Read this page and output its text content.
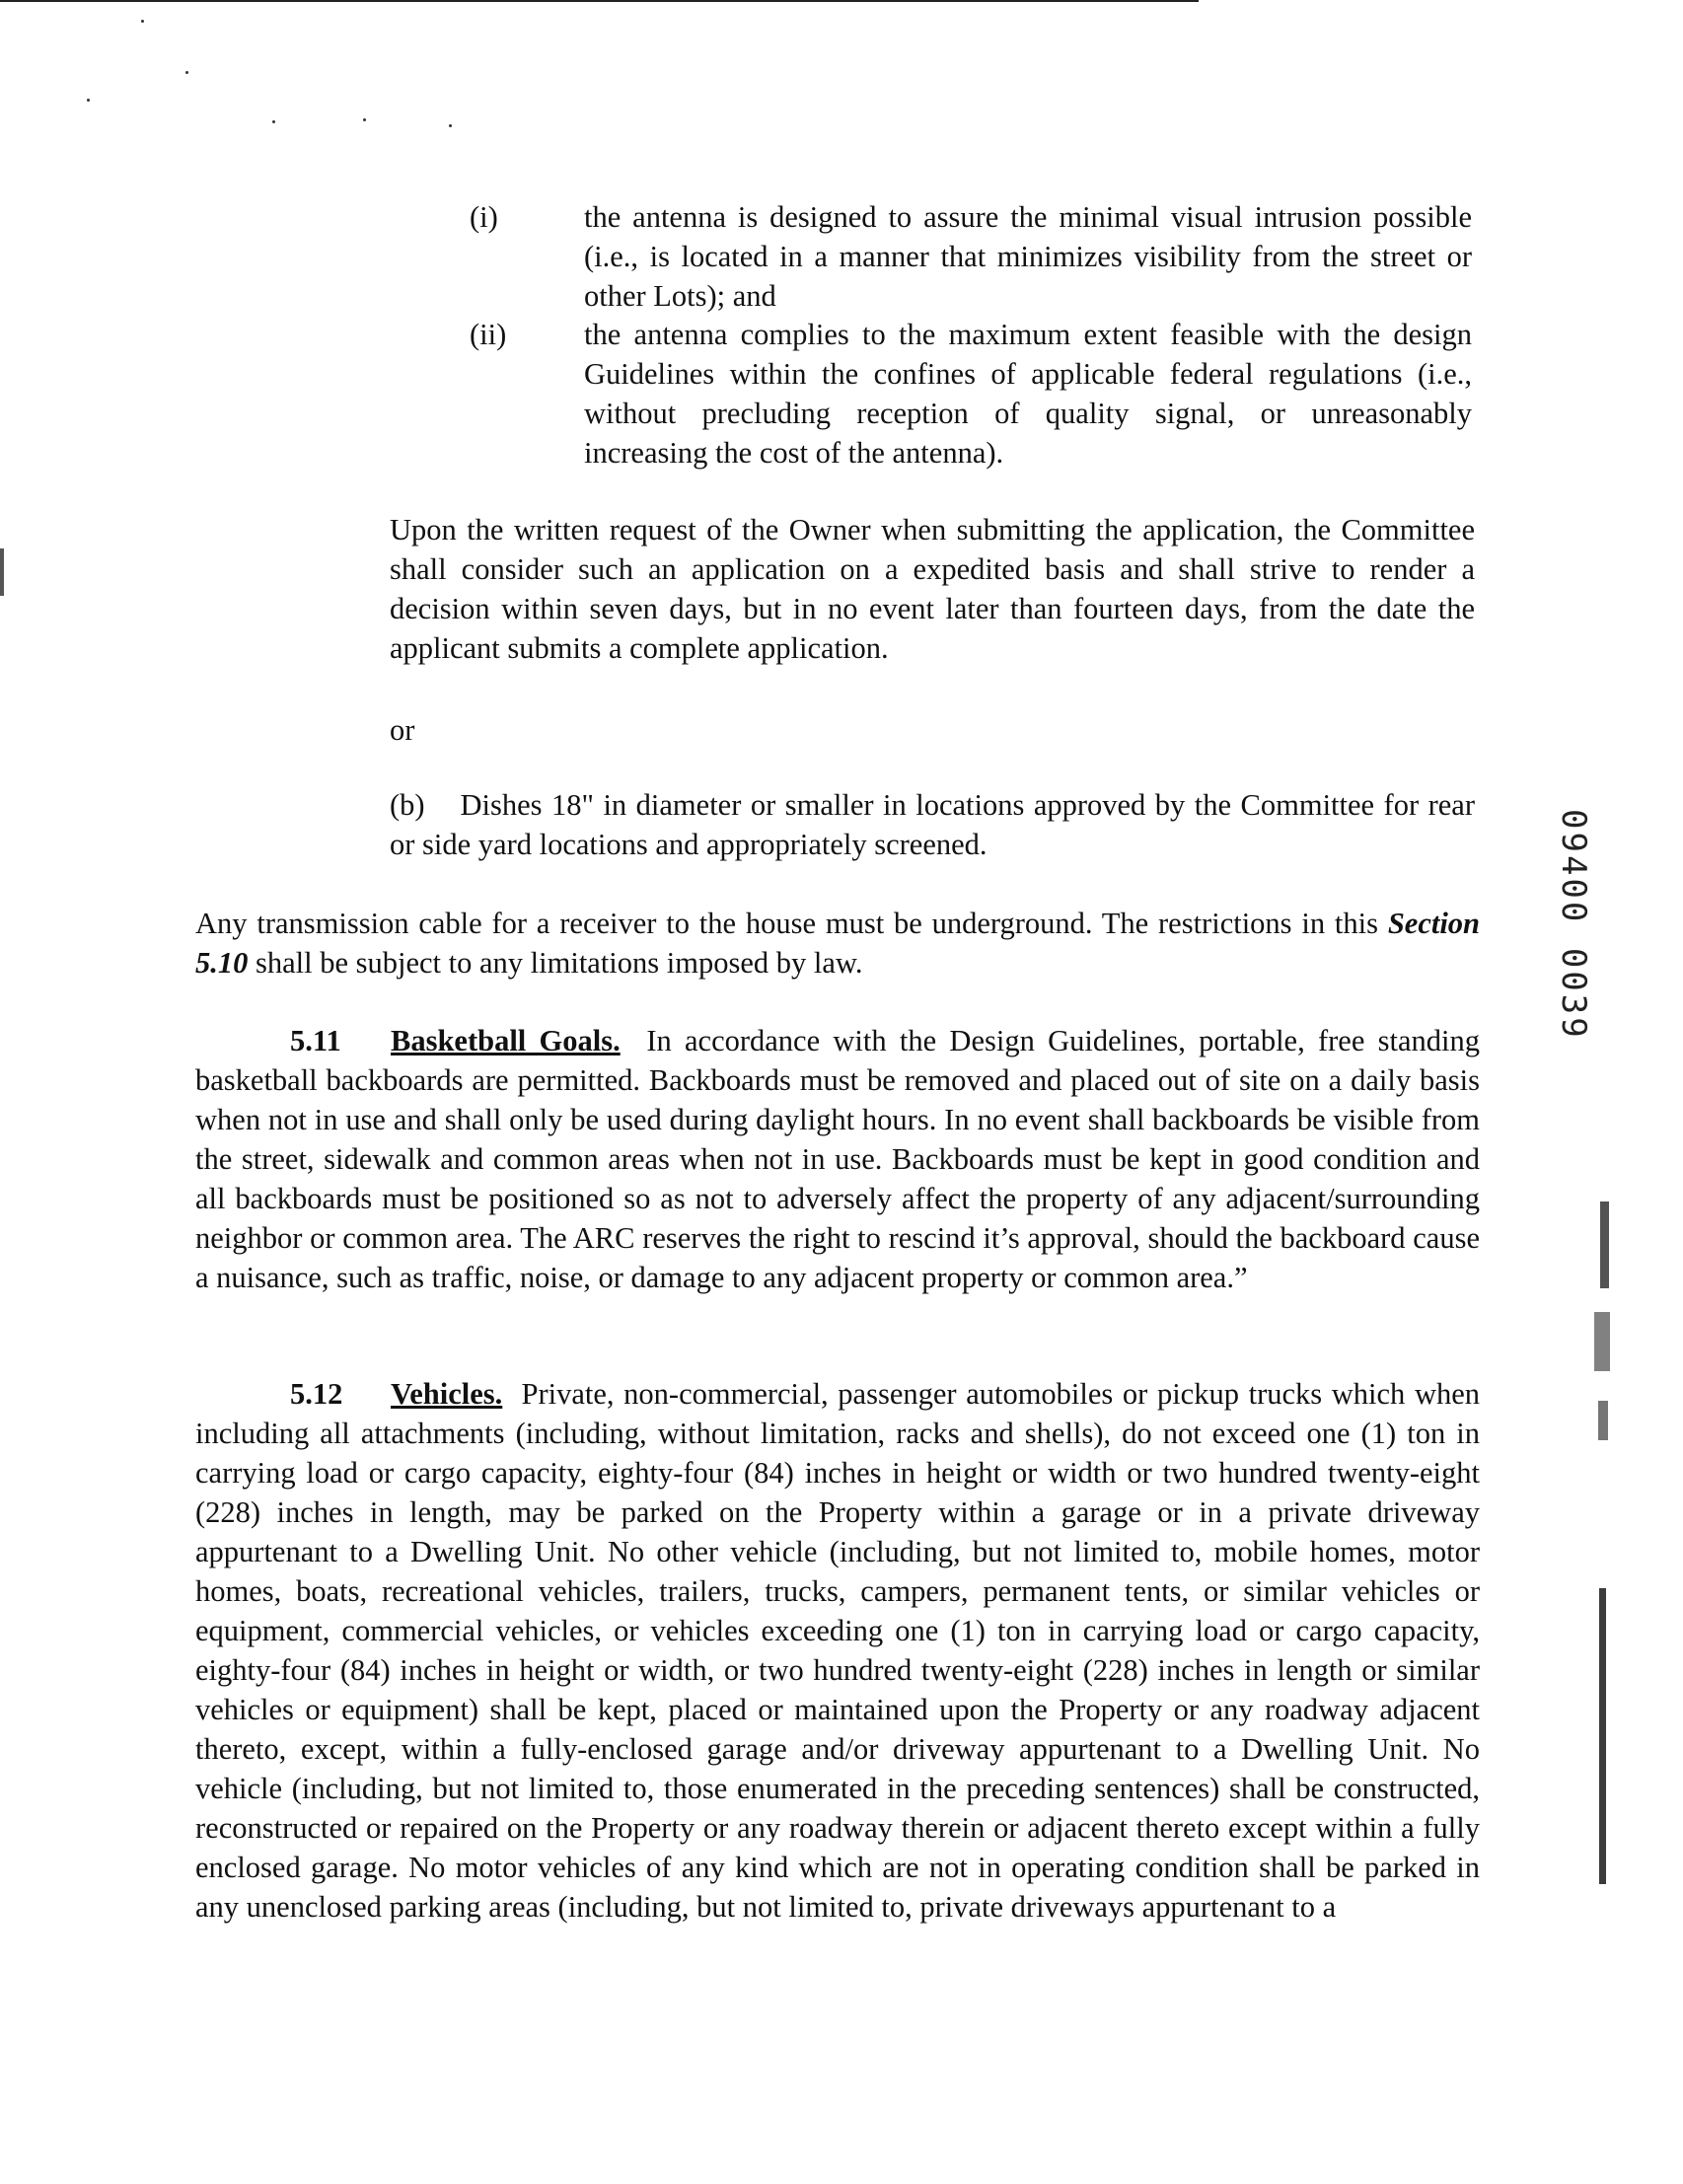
(i)	the antenna is designed to assure the minimal visual intrusion possible (i.e., is located in a manner that minimizes visibility from the street or other Lots); and
(ii)	the antenna complies to the maximum extent feasible with the design Guidelines within the confines of applicable federal regulations (i.e., without precluding reception of quality signal, or unreasonably increasing the cost of the antenna).
Upon the written request of the Owner when submitting the application, the Committee shall consider such an application on a expedited basis and shall strive to render a decision within seven days, but in no event later than fourteen days, from the date the applicant submits a complete application.
or
(b) Dishes 18" in diameter or smaller in locations approved by the Committee for rear or side yard locations and appropriately screened.
Any transmission cable for a receiver to the house must be underground. The restrictions in this Section 5.10 shall be subject to any limitations imposed by law.
5.11 Basketball Goals. In accordance with the Design Guidelines, portable, free standing basketball backboards are permitted. Backboards must be removed and placed out of site on a daily basis when not in use and shall only be used during daylight hours. In no event shall backboards be visible from the street, sidewalk and common areas when not in use. Backboards must be kept in good condition and all backboards must be positioned so as not to adversely affect the property of any adjacent/surrounding neighbor or common area. The ARC reserves the right to rescind it’s approval, should the backboard cause a nuisance, such as traffic, noise, or damage to any adjacent property or common area.”
5.12 Vehicles. Private, non-commercial, passenger automobiles or pickup trucks which when including all attachments (including, without limitation, racks and shells), do not exceed one (1) ton in carrying load or cargo capacity, eighty-four (84) inches in height or width or two hundred twenty-eight (228) inches in length, may be parked on the Property within a garage or in a private driveway appurtenant to a Dwelling Unit. No other vehicle (including, but not limited to, mobile homes, motor homes, boats, recreational vehicles, trailers, trucks, campers, permanent tents, or similar vehicles or equipment, commercial vehicles, or vehicles exceeding one (1) ton in carrying load or cargo capacity, eighty-four (84) inches in height or width, or two hundred twenty-eight (228) inches in length or similar vehicles or equipment) shall be kept, placed or maintained upon the Property or any roadway adjacent thereto, except, within a fully-enclosed garage and/or driveway appurtenant to a Dwelling Unit. No vehicle (including, but not limited to, those enumerated in the preceding sentences) shall be constructed, reconstructed or repaired on the Property or any roadway therein or adjacent thereto except within a fully enclosed garage. No motor vehicles of any kind which are not in operating condition shall be parked in any unenclosed parking areas (including, but not limited to, private driveways appurtenant to a
09400 0039
